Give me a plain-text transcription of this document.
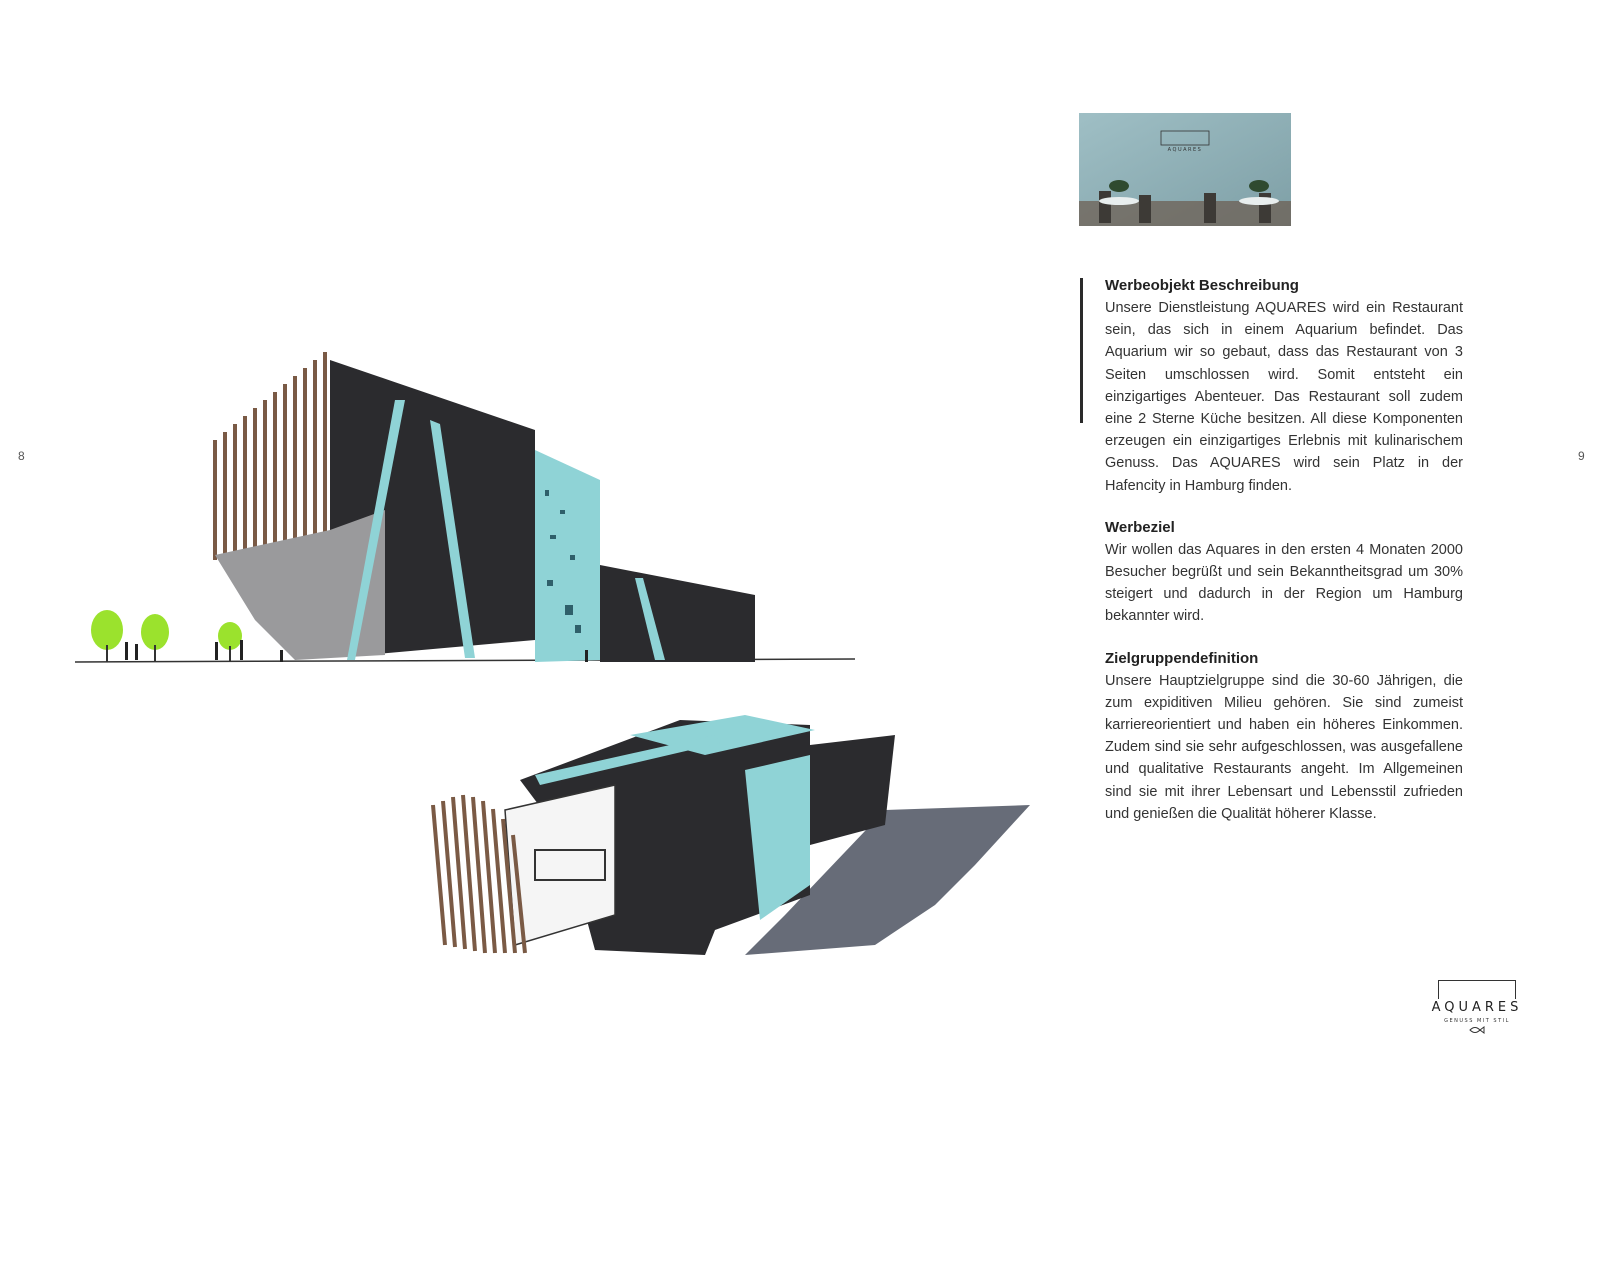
8	9
AQUARES
Werbeobjekt Beschreibung

Unsere Dienstleistung AQUARES wird ein Restaurant sein, das sich in einem Aquarium befindet. Das Aquarium wir so gebaut, dass das Restaurant von 3 Seiten umschlossen wird. Somit entsteht ein einzigartiges Abenteuer. Das Restaurant soll zudem eine 2 Sterne Küche besitzen. All diese Komponenten erzeugen ein einzigartiges Erlebnis mit kulinarischem Genuss. Das AQUARES wird sein Platz in der Hafencity in Hamburg finden.

Werbeziel

Wir wollen das Aquares in den ersten 4 Monaten 2000 Besucher begrüßt und sein Bekanntheitsgrad um 30% steigert und dadurch in der Region um Hamburg bekannter wird.

Zielgruppendefinition

Unsere Hauptzielgruppe sind die 30-60 Jährigen, die zum expiditiven Milieu gehören. Sie sind zumeist karriereorientiert und haben ein höheres Einkommen. Zudem sind sie sehr aufgeschlossen, was ausgefallene und qualitative Restaurants angeht. Im Allgemeinen sind sie mit ihrer Lebensart und Lebensstil zufrieden und genießen die Qualität höherer Klasse.

AQUARES
GENUSS MIT STIL
